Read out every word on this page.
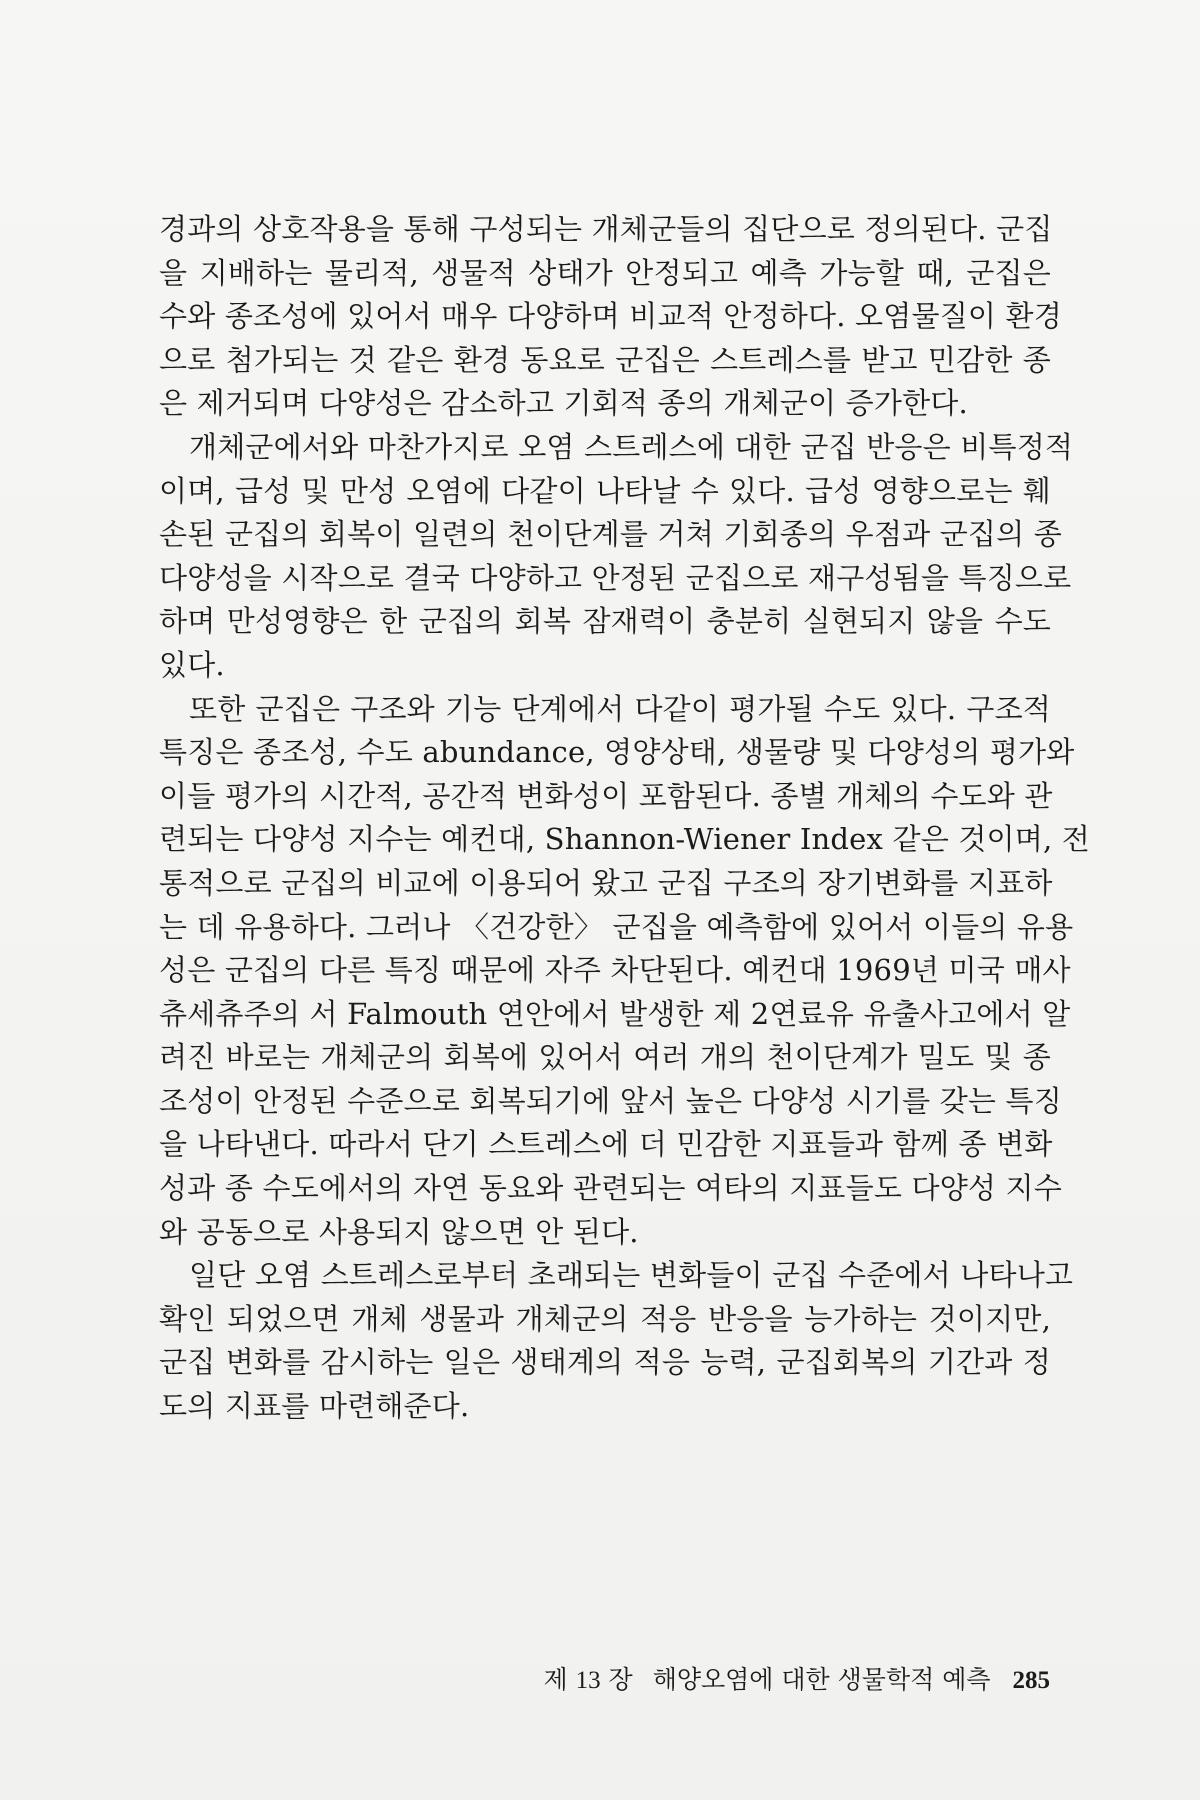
경과의 상호작용을 통해 구성되는 개체군들의 집단으로 정의된다. 군집
을 지배하는 물리적, 생물적 상태가 안정되고 예측 가능할 때, 군집은
수와 종조성에 있어서 매우 다양하며 비교적 안정하다. 오염물질이 환경
으로 첨가되는 것 같은 환경 동요로 군집은 스트레스를 받고 민감한 종
은 제거되며 다양성은 감소하고 기회적 종의 개체군이 증가한다.
개체군에서와 마찬가지로 오염 스트레스에 대한 군집 반응은 비특정적
이며, 급성 및 만성 오염에 다같이 나타날 수 있다. 급성 영향으로는 훼
손된 군집의 회복이 일련의 천이단계를 거쳐 기회종의 우점과 군집의 종
다양성을 시작으로 결국 다양하고 안정된 군집으로 재구성됨을 특징으로
하며 만성영향은 한 군집의 회복 잠재력이 충분히 실현되지 않을 수도
있다.
또한 군집은 구조와 기능 단계에서 다같이 평가될 수도 있다. 구조적
특징은 종조성, 수도 abundance, 영양상태, 생물량 및 다양성의 평가와
이들 평가의 시간적, 공간적 변화성이 포함된다. 종별 개체의 수도와 관
련되는 다양성 지수는 예컨대, Shannon-Wiener Index 같은 것이며, 전
통적으로 군집의 비교에 이용되어 왔고 군집 구조의 장기변화를 지표하
는 데 유용하다. 그러나 〈건강한〉 군집을 예측함에 있어서 이들의 유용
성은 군집의 다른 특징 때문에 자주 차단된다. 예컨대 1969년 미국 매사
츄세츄주의 서 Falmouth 연안에서 발생한 제 2연료유 유출사고에서 알
려진 바로는 개체군의 회복에 있어서 여러 개의 천이단계가 밀도 및 종
조성이 안정된 수준으로 회복되기에 앞서 높은 다양성 시기를 갖는 특징
을 나타낸다. 따라서 단기 스트레스에 더 민감한 지표들과 함께 종 변화
성과 종 수도에서의 자연 동요와 관련되는 여타의 지표들도 다양성 지수
와 공동으로 사용되지 않으면 안 된다.
일단 오염 스트레스로부터 초래되는 변화들이 군집 수준에서 나타나고
확인 되었으면 개체 생물과 개체군의 적응 반응을 능가하는 것이지만,
군집 변화를 감시하는 일은 생태계의 적응 능력, 군집회복의 기간과 정
도의 지표를 마련해준다.
제 13 장 해양오염에 대한 생물학적 예측 285
